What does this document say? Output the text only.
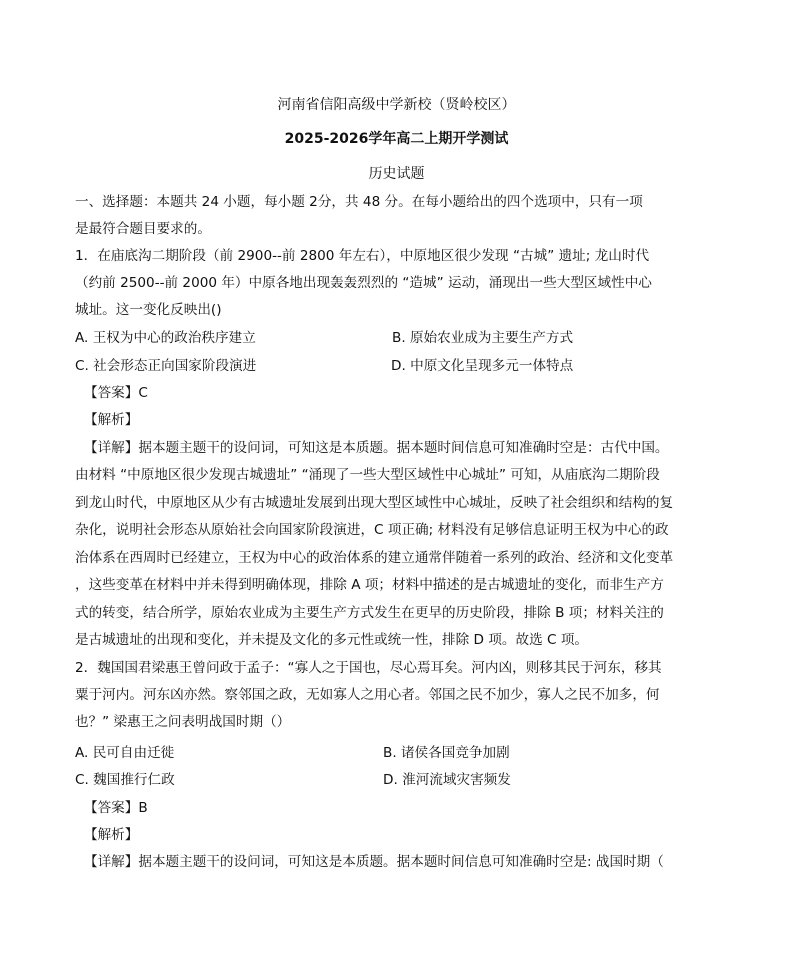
河南省信阳高级中学新校（贤岭校区）
2025-2026学年高二上期开学测试
历史试题
一、选择题：本题共 24 小题，每小题 2分，共 48 分。在每小题给出的四个选项中，只有一项
是最符合题目要求的。
1．在庙底沟二期阶段（前 2900--前 2800 年左右），中原地区很少发现 “古城” 遗址; 龙山时代
（约前 2500--前 2000 年）中原各地出现轰轰烈烈的 “造城” 运动，涌现出一些大型区域性中心
城址。这一变化反映出()
A. 王权为中心的政治秩序建立	B. 原始农业成为主要生产方式
C. 社会形态正向国家阶段演进	D. 中原文化呈现多元一体特点
【答案】C
【解析】
【详解】据本题主题干的设问词，可知这是本质题。据本题时间信息可知准确时空是：古代中国。
由材料 “中原地区很少发现古城遗址” “涌现了一些大型区域性中心城址” 可知，从庙底沟二期阶段
到龙山时代，中原地区从少有古城遗址发展到出现大型区域性中心城址，反映了社会组织和结构的复
杂化，说明社会形态从原始社会向国家阶段演进，C 项正确; 材料没有足够信息证明王权为中心的政
治体系在西周时已经建立，王权为中心的政治体系的建立通常伴随着一系列的政治、经济和文化变革
，这些变革在材料中并未得到明确体现，排除 A 项；材料中描述的是古城遗址的变化，而非生产方
式的转变，结合所学，原始农业成为主要生产方式发生在更早的历史阶段，排除 B 项；材料关注的
是古城遗址的出现和变化，并未提及文化的多元性或统一性，排除 D 项。故选 C 项。
2．魏国国君梁惠王曾问政于孟子：“寡人之于国也，尽心焉耳矣。河内凶，则移其民于河东，移其
粟于河内。河东凶亦然。察邻国之政，无如寡人之用心者。邻国之民不加少，寡人之民不加多，何
也？” 梁惠王之问表明战国时期（）
A. 民可自由迁徙	B. 诸侯各国竞争加剧
C. 魏国推行仁政	D. 淮河流域灾害频发
【答案】B
【解析】
【详解】据本题主题干的设问词，可知这是本质题。据本题时间信息可知准确时空是: 战国时期（
